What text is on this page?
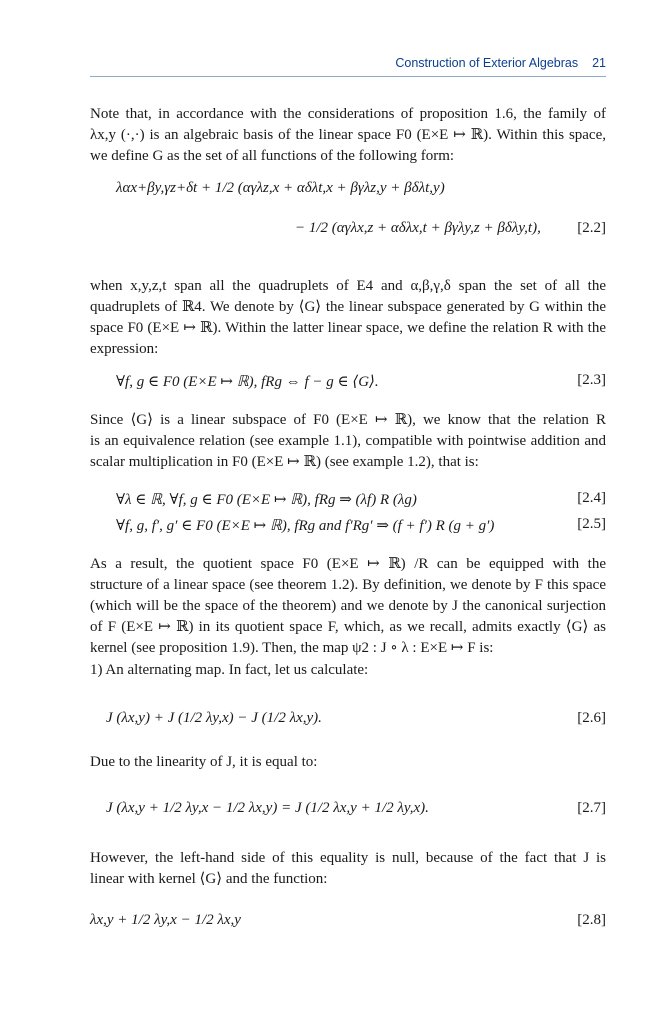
Construction of Exterior Algebras 21
Note that, in accordance with the considerations of proposition 1.6, the family of
λx,y (·,·) is an algebraic basis of the linear space F0 (E×E ↦ ℝ). Within this space,
we define G as the set of all functions of the following form:
λαx+βy,γz+δt + 1/2 (αγλz,x + αδλt,x + βγλz,y + βδλt,y)
− 1/2 (αγλx,z + αδλx,t + βγλy,z + βδλy,t), [2.2]
when x,y,z,t span all the quadruplets of E4 and α,β,γ,δ span the set of all the
quadruplets of ℝ4. We denote by ⟨G⟩ the linear subspace generated by G within the
space F0 (E×E ↦ ℝ). Within the latter linear space, we define the relation R with the
expression:
∀f, g ∈ F0 (E×E ↦ ℝ), fRg ⇔ f − g ∈ ⟨G⟩.	[2.3]
Since ⟨G⟩ is a linear subspace of F0 (E×E ↦ ℝ), we know that the relation R
is an equivalence relation (see example 1.1), compatible with pointwise addition and
scalar multiplication in F0 (E×E ↦ ℝ) (see example 1.2), that is:
∀λ ∈ ℝ, ∀f, g ∈ F0 (E×E ↦ ℝ), fRg ⇒ (λf) R (λg)	[2.4]
∀f, g, f′, g′ ∈ F0 (E×E ↦ ℝ), fRg and f′Rg′ ⇒ (f + f′) R (g + g′)	[2.5]
As a result, the quotient space F0 (E×E ↦ ℝ) /R can be equipped with the
structure of a linear space (see theorem 1.2). By definition, we denote by F this space
(which will be the space of the theorem) and we denote by J the canonical surjection
of F (E×E ↦ ℝ) in its quotient space F, which, as we recall, admits exactly ⟨G⟩ as
kernel (see proposition 1.9). Then, the map ψ2 : J ∘ λ : E×E ↦ F is:
1) An alternating map. In fact, let us calculate:
J (λx,y) + J (1/2 λy,x) − J (1/2 λx,y).	[2.6]
Due to the linearity of J, it is equal to:
J (λx,y + 1/2 λy,x − 1/2 λx,y) = J (1/2 λx,y + 1/2 λy,x).	[2.7]
However, the left-hand side of this equality is null, because of the fact that J is
linear with kernel ⟨G⟩ and the function:
λx,y + 1/2 λy,x − 1/2 λx,y	[2.8]
